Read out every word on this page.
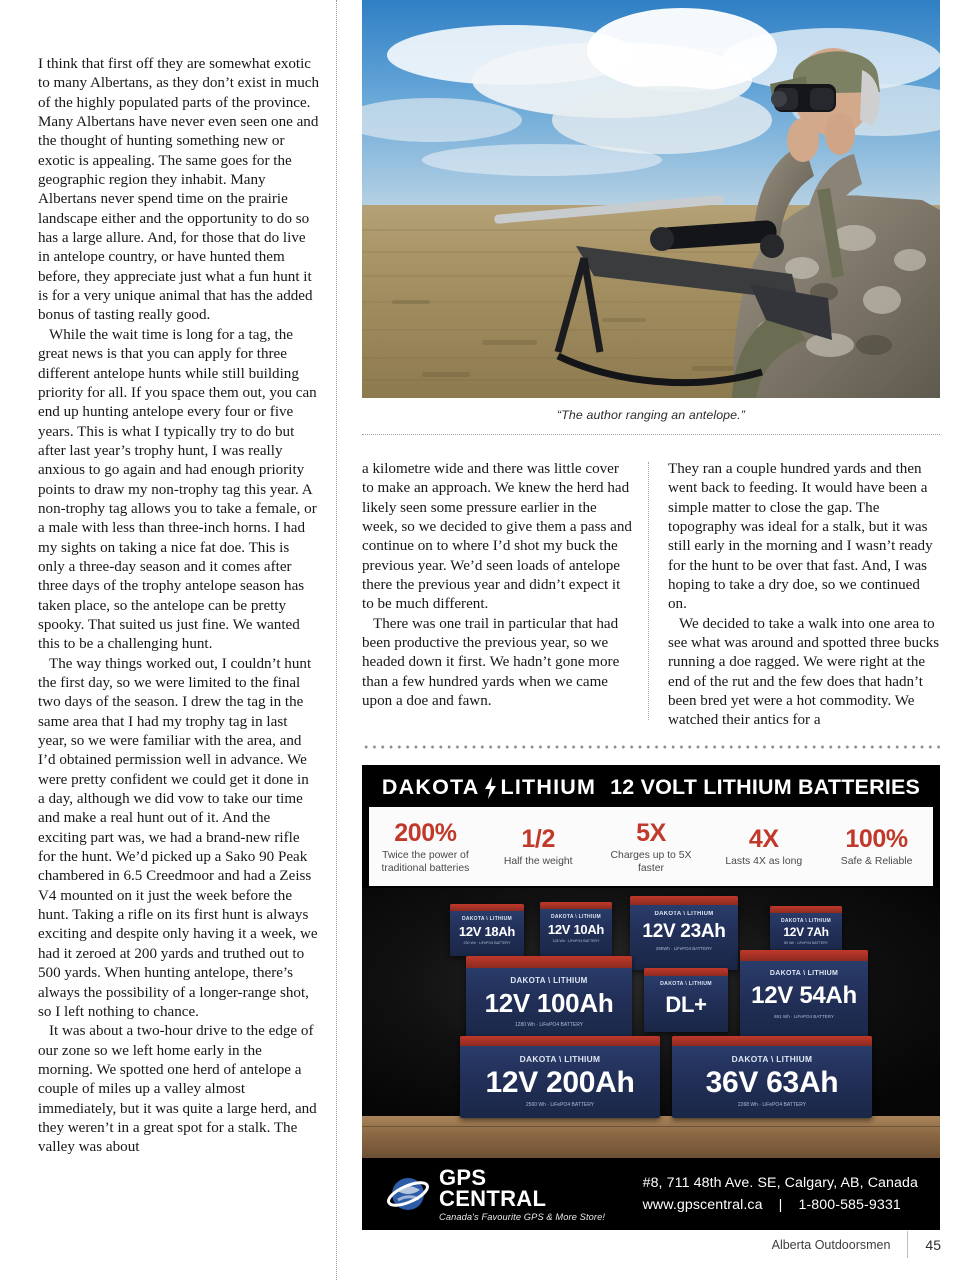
I think that first off they are somewhat exotic to many Albertans, as they don’t exist in much of the highly populated parts of the province. Many Albertans have never even seen one and the thought of hunting something new or exotic is appealing. The same goes for the geographic region they inhabit. Many Albertans never spend time on the prairie landscape either and the opportunity to do so has a large allure. And, for those that do live in antelope country, or have hunted them before, they appreciate just what a fun hunt it is for a very unique animal that has the added bonus of tasting really good.

While the wait time is long for a tag, the great news is that you can apply for three different antelope hunts while still building priority for all. If you space them out, you can end up hunting antelope every four or five years. This is what I typically try to do but after last year’s trophy hunt, I was really anxious to go again and had enough priority points to draw my non-trophy tag this year. A non-trophy tag allows you to take a female, or a male with less than three-inch horns. I had my sights on taking a nice fat doe. This is only a three-day season and it comes after three days of the trophy antelope season has taken place, so the antelope can be pretty spooky. That suited us just fine. We wanted this to be a challenging hunt.

The way things worked out, I couldn’t hunt the first day, so we were limited to the final two days of the season. I drew the tag in the same area that I had my trophy tag in last year, so we were familiar with the area, and I’d obtained permission well in advance. We were pretty confident we could get it done in a day, although we did vow to take our time and make a real hunt out of it. And the exciting part was, we had a brand-new rifle for the hunt. We’d picked up a Sako 90 Peak chambered in 6.5 Creedmoor and had a Zeiss V4 mounted on it just the week before the hunt. Taking a rifle on its first hunt is always exciting and despite only having it a week, we had it zeroed at 200 yards and truthed out to 500 yards. When hunting antelope, there’s always the possibility of a longer-range shot, so I left nothing to chance.

It was about a two-hour drive to the edge of our zone so we left home early in the morning. We spotted one herd of antelope a couple of miles up a valley almost immediately, but it was quite a large herd, and they weren’t in a great spot for a stalk. The valley was about

“The author ranging an antelope.”

a kilometre wide and there was little cover to make an approach. We knew the herd had likely seen some pressure earlier in the week, so we decided to give them a pass and continue on to where I’d shot my buck the previous year. We’d seen loads of antelope there the previous year and didn’t expect it to be much different.

There was one trail in particular that had been productive the previous year, so we headed down it first. We hadn’t gone more than a few hundred yards when we came upon a doe and fawn.

They ran a couple hundred yards and then went back to feeding. It would have been a simple matter to close the gap. The topography was ideal for a stalk, but it was still early in the morning and I wasn’t ready for the hunt to be over that fast. And, I was hoping to take a dry doe, so we continued on.

We decided to take a walk into one area to see what was around and spotted three bucks running a doe ragged. We were right at the end of the rut and the few does that hadn’t been bred yet were a hot commodity. We watched their antics for a

DAKOTA LITHIUM 12 VOLT LITHIUM BATTERIES
200%
Twice the power of traditional batteries
1/2
Half the weight
5X
Charges up to 5X faster
4X
Lasts 4X as long
100%
Safe & Reliable
DAKOTA \ LITHIUM
12V 18Ah
230 Wh · LiFePO4 BATTERY
DAKOTA \ LITHIUM
12V 10Ah
128 Wh · LiFePO4 BATTERY
DAKOTA \ LITHIUM
12V 23Ah
295Wh · LiFePO4 BATTERY
DAKOTA \ LITHIUM
12V 7Ah
89 Wh · LiFePO4 BATTERY
DAKOTA \ LITHIUM
12V 100Ah
1280 Wh · LiFePO4 BATTERY
DAKOTA \ LITHIUM
DL+
DAKOTA \ LITHIUM
12V 54Ah
691 Wh · LiFePO4 BATTERY
DAKOTA \ LITHIUM
12V 200Ah
2560 Wh · LiFePO4 BATTERY
DAKOTA \ LITHIUM
36V 63Ah
2268 Wh · LiFePO4 BATTERY
GPS
CENTRAL
Canada's Favourite GPS & More Store!
#8, 711 48th Ave. SE, Calgary, AB, Canada
www.gpscentral.ca | 1-800-585-9331
Alberta Outdoorsmen	45
